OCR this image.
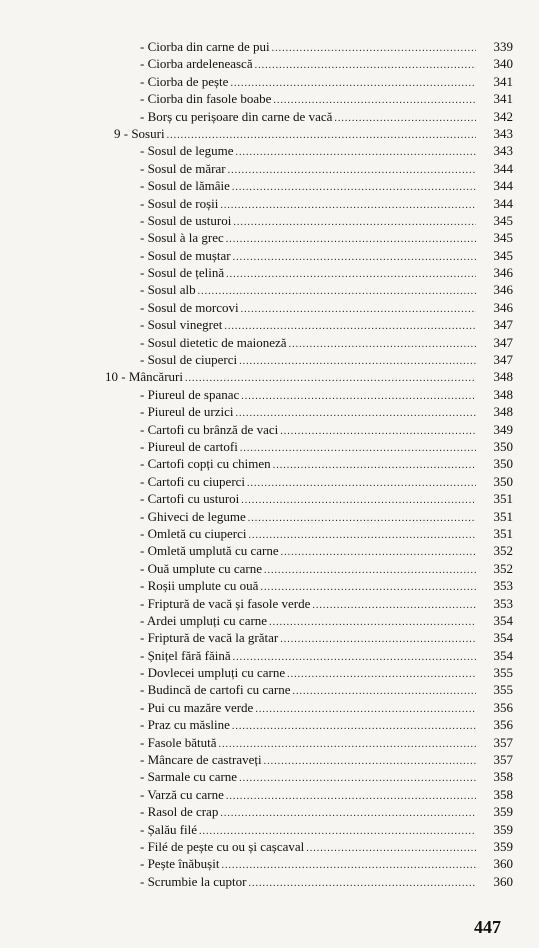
- Ciorba din carne de pui .....	339
- Ciorba ardelenească .....	340
- Ciorba de pește .....	341
- Ciorba din fasole boabe .....	341
- Borș cu perișoare din carne de vacă .....	342
9 - Sosuri .....	343
- Sosul de legume .....	343
- Sosul de mărar .....	344
- Sosul de lămâie .....	344
- Sosul de roșii .....	344
- Sosul de usturoi .....	345
- Sosul à la grec .....	345
- Sosul de muștar .....	345
- Sosul de țelină .....	346
- Sosul alb .....	346
- Sosul de morcovi .....	346
- Sosul vinegret .....	347
- Sosul dietetic de maioneză .....	347
- Sosul de ciuperci .....	347
10 - Mâncăruri .....	348
- Piureul de spanac .....	348
- Piureul de urzici .....	348
- Cartofi cu brânză de vaci .....	349
- Piureul de cartofi .....	350
- Cartofi copți cu chimen .....	350
- Cartofi cu ciuperci .....	350
- Cartofi cu usturoi .....	351
- Ghiveci de legume .....	351
- Omletă cu ciuperci .....	351
- Omletă umplută cu carne .....	352
- Ouă umplute cu carne .....	352
- Roșii umplute cu ouă .....	353
- Friptură de vacă și fasole verde .....	353
- Ardei umpluți cu carne .....	354
- Friptură de vacă la grătar .....	354
- Șnițel fără făină .....	354
- Dovlecei umpluți cu carne .....	355
- Budincă de cartofi cu carne .....	355
- Pui cu mazăre verde .....	356
- Praz cu măsline .....	356
- Fasole bătută .....	357
- Mâncare de castraveți .....	357
- Sarmale cu carne .....	358
- Varză cu carne .....	358
- Rasol de crap .....	359
- Șalău filé .....	359
- Filé de pește cu ou și cașcaval .....	359
- Pește înăbușit .....	360
- Scrumbie la cuptor .....	360
447
